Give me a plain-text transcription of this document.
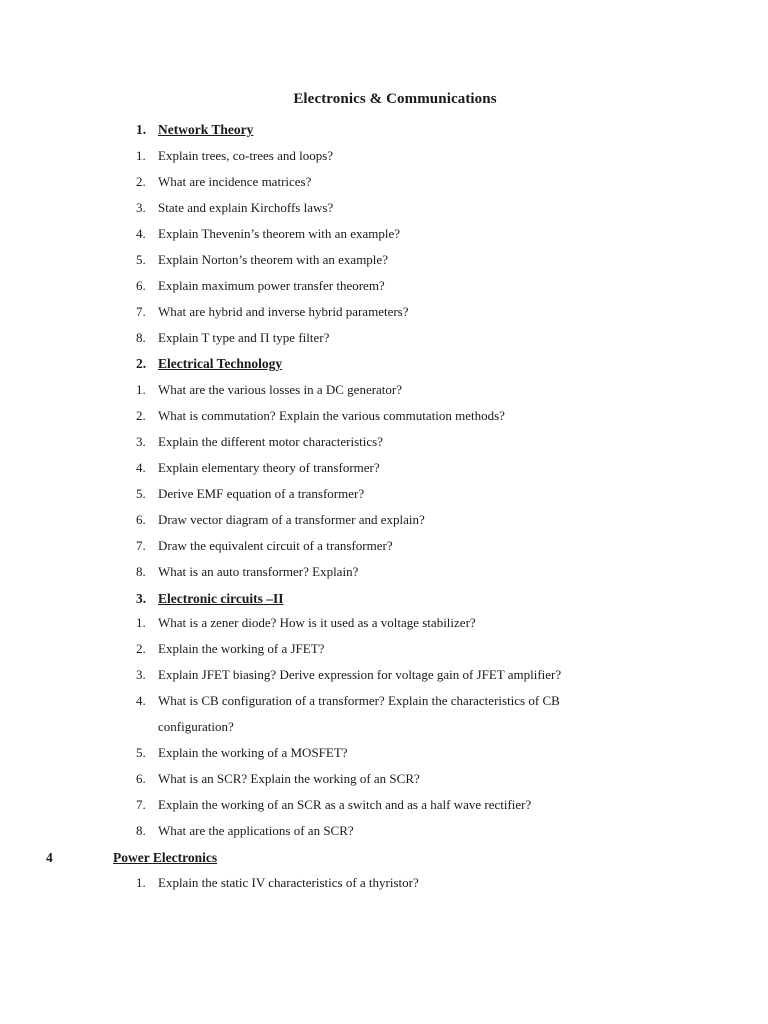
Electronics & Communications
1. Network Theory
1. Explain trees, co-trees and loops?
2. What are incidence matrices?
3. State and explain Kirchoffs laws?
4. Explain Thevenin’s theorem with an example?
5. Explain Norton’s theorem with an example?
6. Explain maximum power transfer theorem?
7. What are hybrid and inverse hybrid parameters?
8. Explain T type and Π type filter?
2. Electrical Technology
1. What are the various losses in a DC generator?
2. What is commutation? Explain the various commutation methods?
3. Explain the different motor characteristics?
4. Explain elementary theory of transformer?
5. Derive EMF equation of a transformer?
6. Draw vector diagram of a transformer and explain?
7. Draw the equivalent circuit of a transformer?
8. What is an auto transformer? Explain?
3. Electronic circuits –II
1. What is a zener diode? How is it used as a voltage stabilizer?
2. Explain the working of a JFET?
3. Explain JFET biasing? Derive expression for voltage gain of JFET amplifier?
4. What is CB configuration of a transformer? Explain the characteristics of CB
configuration?
5. Explain the working of a MOSFET?
6. What is an SCR? Explain the working of an SCR?
7. Explain the working of an SCR as a switch and as a half wave rectifier?
8. What are the applications of an SCR?
4	Power Electronics
1. Explain the static IV characteristics of a thyristor?
